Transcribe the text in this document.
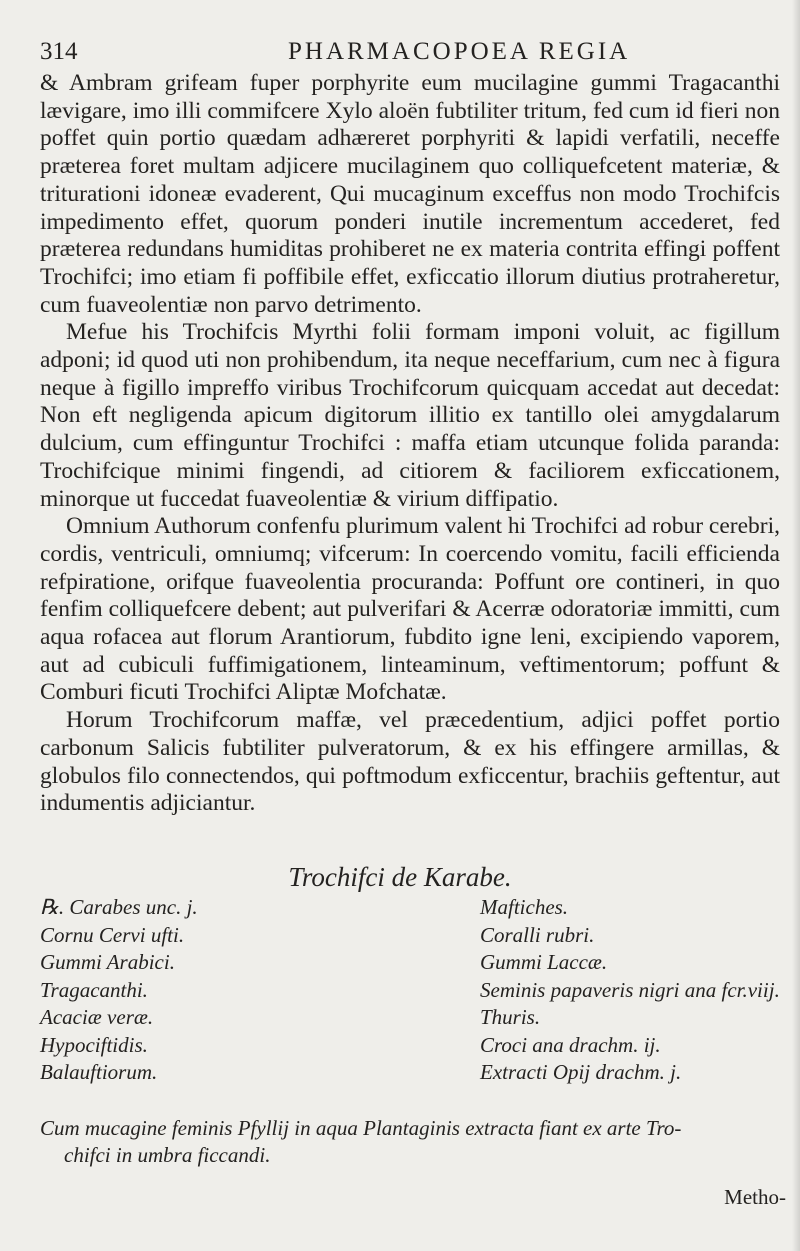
314	PHARMACOPOEA REGIA

& Ambram grifeam fuper porphyrite eum mucilagine gummi Tragacanthi lævigare, imo illi commifcere Xylo aloën fubtiliter tritum, fed cum id fieri non poffet quin portio quædam adhæreret porphyriti & lapidi verfatili, neceffe præterea foret multam adjicere mucilaginem quo colliquefcetent materiæ, & triturationi idoneæ evaderent, Qui mucaginum exceffus non modo Trochifcis impedimento effet, quorum ponderi inutile incrementum accederet, fed præterea redundans humiditas prohiberet ne ex materia contrita effingi poffent Trochifci; imo etiam fi poffibile effet, exficcatio illorum diutius protraheretur, cum fuaveolentiæ non parvo detrimento.

Mefue his Trochifcis Myrthi folii formam imponi voluit, ac figillum adponi; id quod uti non prohibendum, ita neque neceffarium, cum nec à figura neque à figillo impreffo viribus Trochifcorum quicquam accedat aut decedat: Non eft negligenda apicum digitorum illitio ex tantillo olei amygdalarum dulcium, cum effinguntur Trochifci : maffa etiam utcunque folida paranda: Trochifcique minimi fingendi, ad citiorem & faciliorem exficcationem, minorque ut fuccedat fuaveolentiæ & virium diffipatio.

Omnium Authorum confenfu plurimum valent hi Trochifci ad robur cerebri, cordis, ventriculi, omniumq; vifcerum: In coercendo vomitu, facili efficienda refpiratione, orifque fuaveolentia procuranda: Poffunt ore contineri, in quo fenfim colliquefcere debent; aut pulverifari & Acerræ odoratoriæ immitti, cum aqua rofacea aut florum Arantiorum, fubdito igne leni, excipiendo vaporem, aut ad cubiculi fuffimigationem, linteaminum, veftimentorum; poffunt & Comburi ficuti Trochifci Aliptæ Mofchatæ.

Horum Trochifcorum maffæ, vel præcedentium, adjici poffet portio carbonum Salicis fubtiliter pulveratorum, & ex his effingere armillas, & globulos filo connectendos, qui poftmodum exficcentur, brachiis geftentur, aut indumentis adjiciantur.

Trochifci de Karabe.
℞. Carabes unc. j.
Cornu Cervi ufti.
Gummi Arabici.
Tragacanthi.
Acaciæ veræ.
Hypociftidis.
Balauftiorum.
Maftiches.
Coralli rubri.
Gummi Laccæ.
Seminis papaveris nigri ana fcr.viij.
Thuris.
Croci ana drachm. ij.
Extracti Opij drachm. j.
Cum mucagine feminis Pfyllij in aqua Plantaginis extracta fiant ex arte Tro-
chifci in umbra ficcandi.
Metho-
